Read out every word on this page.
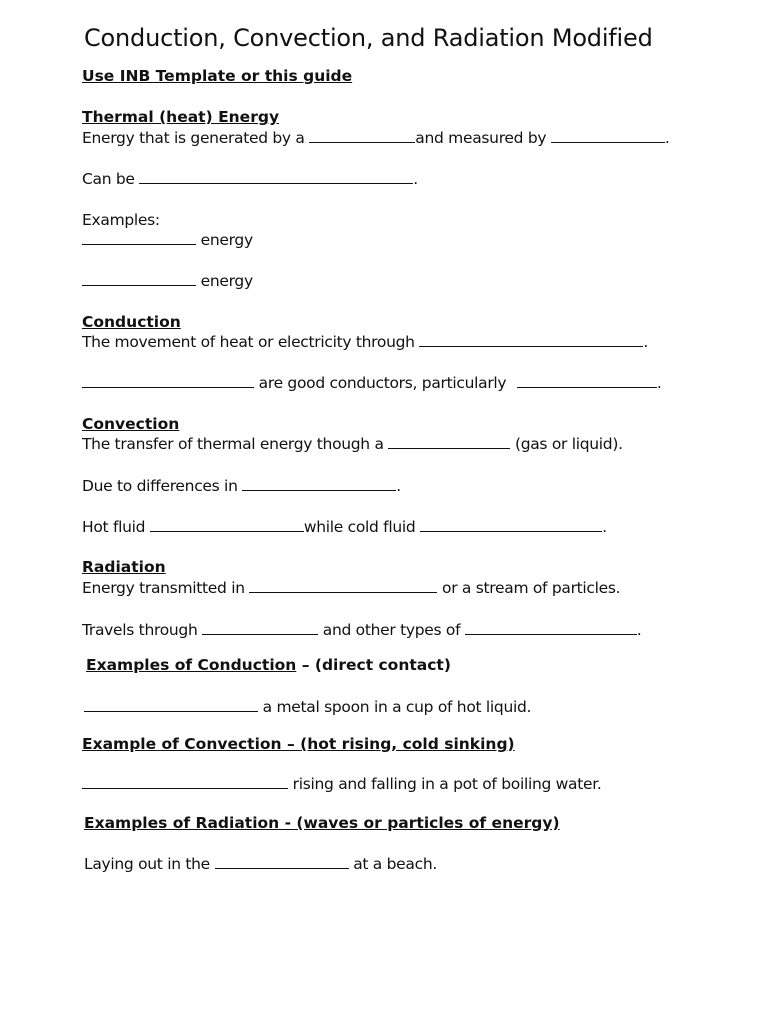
Conduction, Convection, and Radiation Modified
Use INB Template or this guide
Thermal (heat) Energy
Energy that is generated by a	and measured by	.
Can be	.
Examples:
energy
energy
Conduction
The movement of heat or electricity through	.
are good conductors, particularly	.
Convection
The transfer of thermal energy though a	(gas or liquid).
Due to differences in	.
Hot fluid	while cold fluid	.
Radiation
Energy transmitted in	or a stream of particles.
Travels through	and other types of	.
Examples of Conduction – (direct contact)
a metal spoon in a cup of hot liquid.
Example of Convection – (hot rising, cold sinking)
rising and falling in a pot of boiling water.
Examples of Radiation - (waves or particles of energy)
Laying out in the	at a beach.
